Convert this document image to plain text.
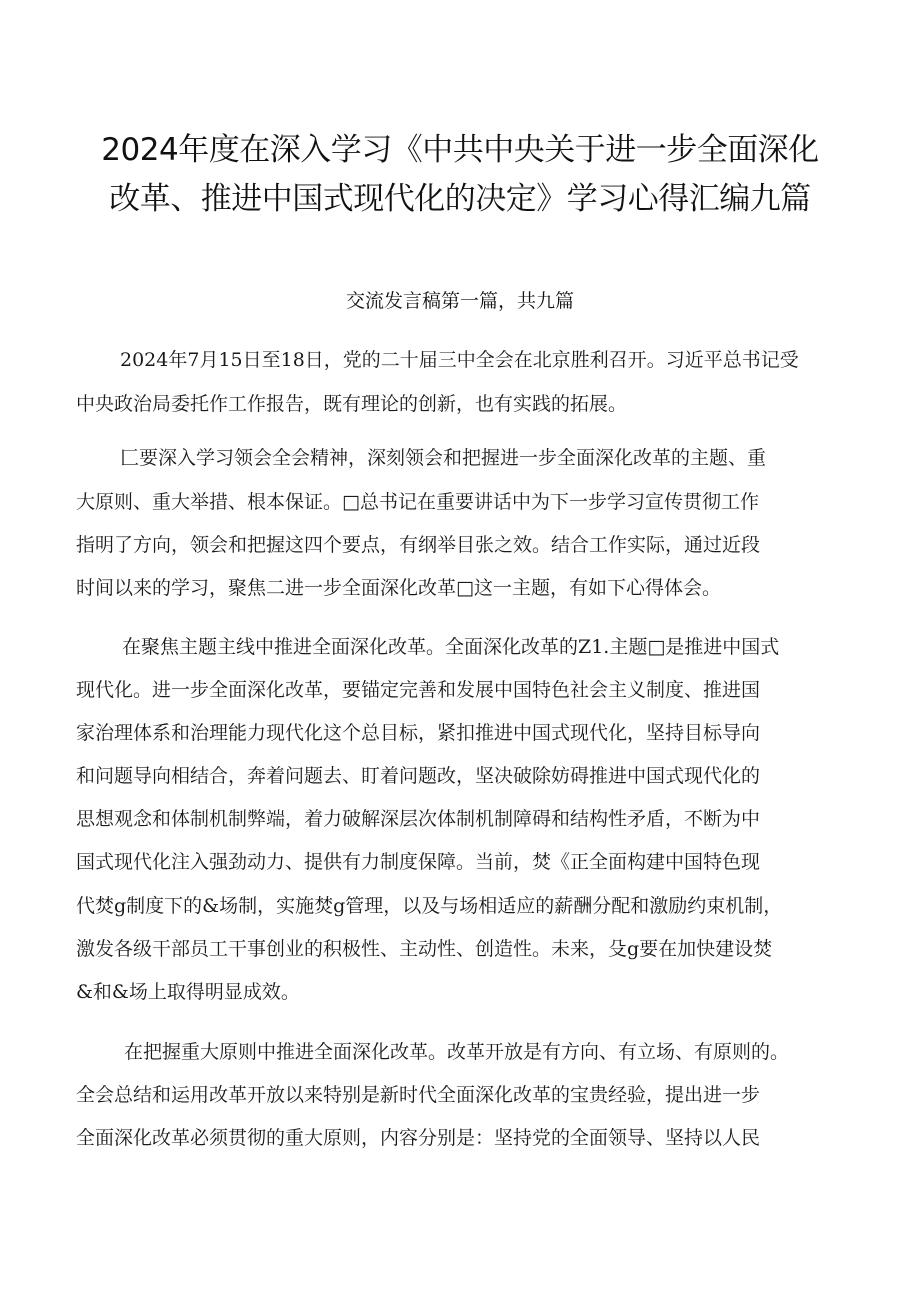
2024年度在深入学习《中共中央关于进一步全面深化
改革、推进中国式现代化的决定》学习心得汇编九篇
交流发言稿第一篇，共九篇
2024年7月15日至18日，党的二十届三中全会在北京胜利召开。习近平总书记受
中央政治局委托作工作报告，既有理论的创新，也有实践的拓展。
匚要深入学习领会全会精神，深刻领会和把握进一步全面深化改革的主题、重
大原则、重大举措、根本保证。□总书记在重要讲话中为下一步学习宣传贯彻工作
指明了方向，领会和把握这四个要点，有纲举目张之效。结合工作实际，通过近段
时间以来的学习，聚焦二进一步全面深化改革□这一主题，有如下心得体会。
在聚焦主题主线中推进全面深化改革。全面深化改革的Z1.主题□是推进中国式
现代化。进一步全面深化改革，要锚定完善和发展中国特色社会主义制度、推进国
家治理体系和治理能力现代化这个总目标，紧扣推进中国式现代化，坚持目标导向
和问题导向相结合，奔着问题去、盯着问题改，坚决破除妨碍推进中国式现代化的
思想观念和体制机制弊端，着力破解深层次体制机制障碍和结构性矛盾，不断为中
国式现代化注入强劲动力、提供有力制度保障。当前，焚《正全面构建中国特色现
代焚g制度下的&场制，实施焚g管理，以及与场相适应的薪酬分配和激励约束机制，
激发各级干部员工干事创业的积极性、主动性、创造性。未来，殳g要在加快建设焚
&和&场上取得明显成效。
在把握重大原则中推进全面深化改革。改革开放是有方向、有立场、有原则的。
全会总结和运用改革开放以来特别是新时代全面深化改革的宝贵经验，提出进一步
全面深化改革必须贯彻的重大原则，内容分别是：坚持党的全面领导、坚持以人民
